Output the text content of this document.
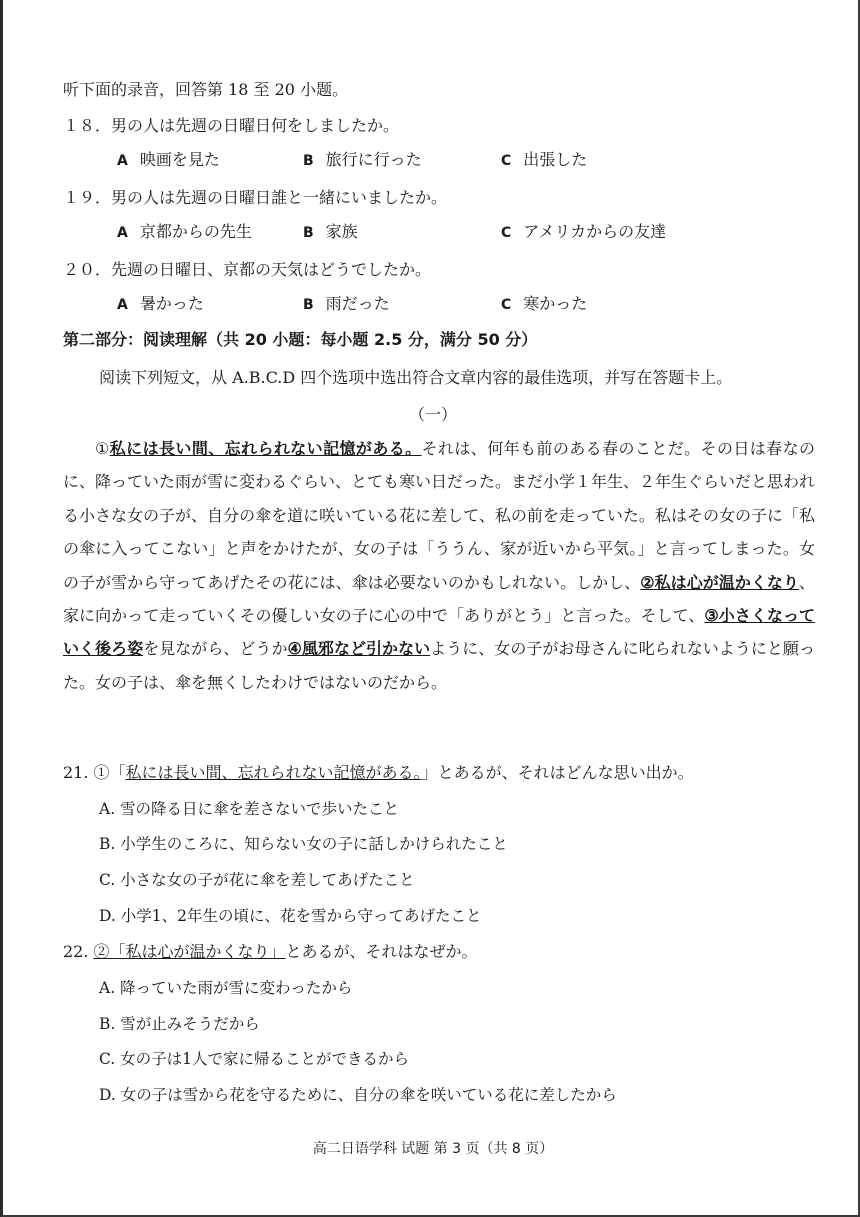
听下面的录音，回答第 18 至 20 小题。
１８．男の人は先週の日曜日何をしましたか。
A 映画を見た	B 旅行に行った	C 出張した
１９．男の人は先週の日曜日誰と一緒にいましたか。
A 京都からの先生	B 家族	C アメリカからの友達
２０．先週の日曜日、京都の天気はどうでしたか。
A 暑かった	B 雨だった	C 寒かった
第二部分：阅读理解（共 20 小题：每小题 2.5 分，满分 50 分）
阅读下列短文，从 A.B.C.D 四个选项中选出符合文章内容的最佳选项，并写在答题卡上。
（一）
①私には長い間、忘れられない記憶がある。それは、何年も前のある春のことだ。その日は春なのに、降っていた雨が雪に変わるぐらい、とても寒い日だった。まだ小学１年生、２年生ぐらいだと思われる小さな女の子が、自分の傘を道に咲いている花に差して、私の前を走っていた。私はその女の子に「私の傘に入ってこない」と声をかけたが、女の子は「ううん、家が近いから平気。」と言ってしまった。女の子が雪から守ってあげたその花には、傘は必要ないのかもしれない。しかし、②私は心が温かくなり、家に向かって走っていくその優しい女の子に心の中で「ありがとう」と言った。そして、③小さくなっていく後ろ姿を見ながら、どうか④風邪など引かないように、女の子がお母さんに叱られないようにと願った。女の子は、傘を無くしたわけではないのだから。
21. ①「私には長い間、忘れられない記憶がある。」とあるが、それはどんな思い出か。
A. 雪の降る日に傘を差さないで歩いたこと
B. 小学生のころに、知らない女の子に話しかけられたこと
C. 小さな女の子が花に傘を差してあげたこと
D. 小学1、2年生の頃に、花を雪から守ってあげたこと
22. ②「私は心が温かくなり」とあるが、それはなぜか。
A. 降っていた雨が雪に変わったから
B. 雪が止みそうだから
C. 女の子は1人で家に帰ることができるから
D. 女の子は雪から花を守るために、自分の傘を咲いている花に差したから
高二日语学科 试题 第 3 页（共 8 页）
